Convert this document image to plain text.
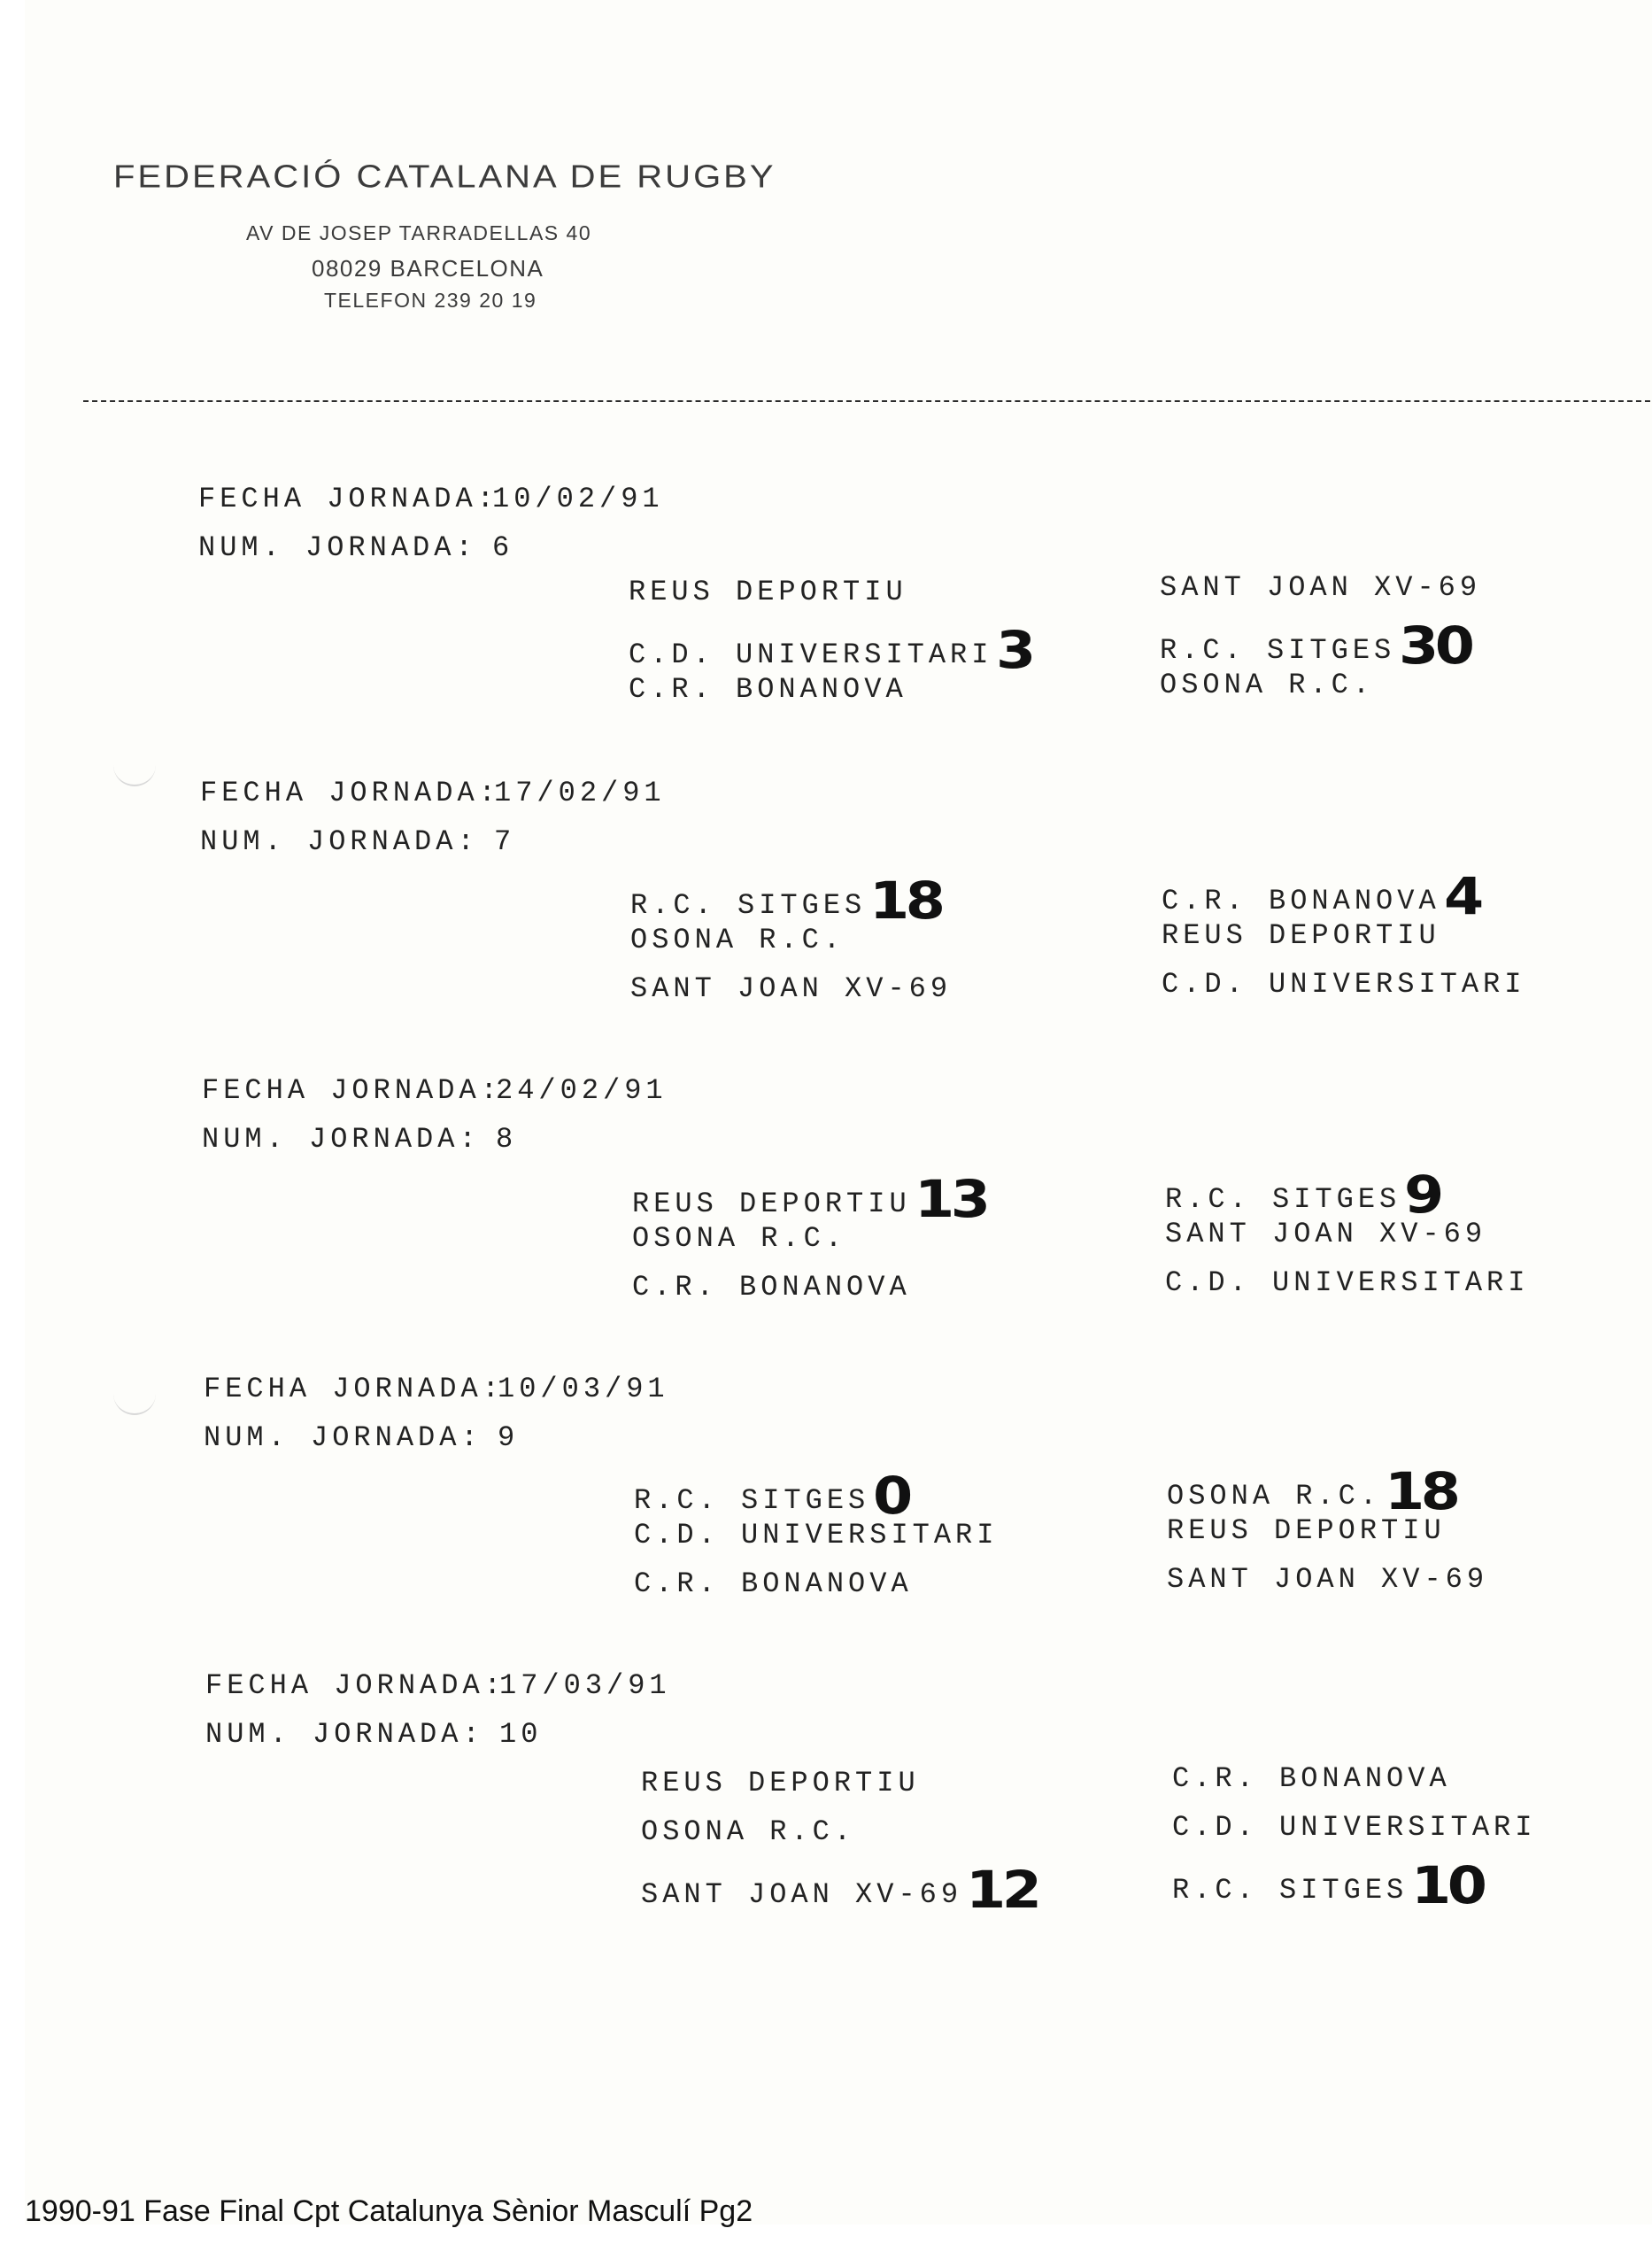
FEDERACIÓ CATALANA DE RUGBY
AV DE JOSEP TARRADELLAS 40
08029 BARCELONA
TELEFON 239 20 19
FECHA JORNADA:
10/02/91
NUM. JORNADA: 6
REUS DEPORTIU
C.D. UNIVERSITARI3
C.R. BONANOVA
SANT JOAN XV-69
R.C. SITGES30
OSONA R.C.
FECHA JORNADA:
17/02/91
NUM. JORNADA: 7
R.C. SITGES18
OSONA R.C.
SANT JOAN XV-69
C.R. BONANOVA4
REUS DEPORTIU
C.D. UNIVERSITARI
FECHA JORNADA:
24/02/91
NUM. JORNADA: 8
REUS DEPORTIU13
OSONA R.C.
C.R. BONANOVA
R.C. SITGES9
SANT JOAN XV-69
C.D. UNIVERSITARI
FECHA JORNADA:
10/03/91
NUM. JORNADA: 9
R.C. SITGES0
C.D. UNIVERSITARI
C.R. BONANOVA
OSONA R.C.18
REUS DEPORTIU
SANT JOAN XV-69
FECHA JORNADA:
17/03/91
NUM. JORNADA: 10
REUS DEPORTIU
OSONA R.C.
SANT JOAN XV-6912
C.R. BONANOVA
C.D. UNIVERSITARI
R.C. SITGES10
1990-91 Fase Final Cpt Catalunya Sènior Masculí Pg2
